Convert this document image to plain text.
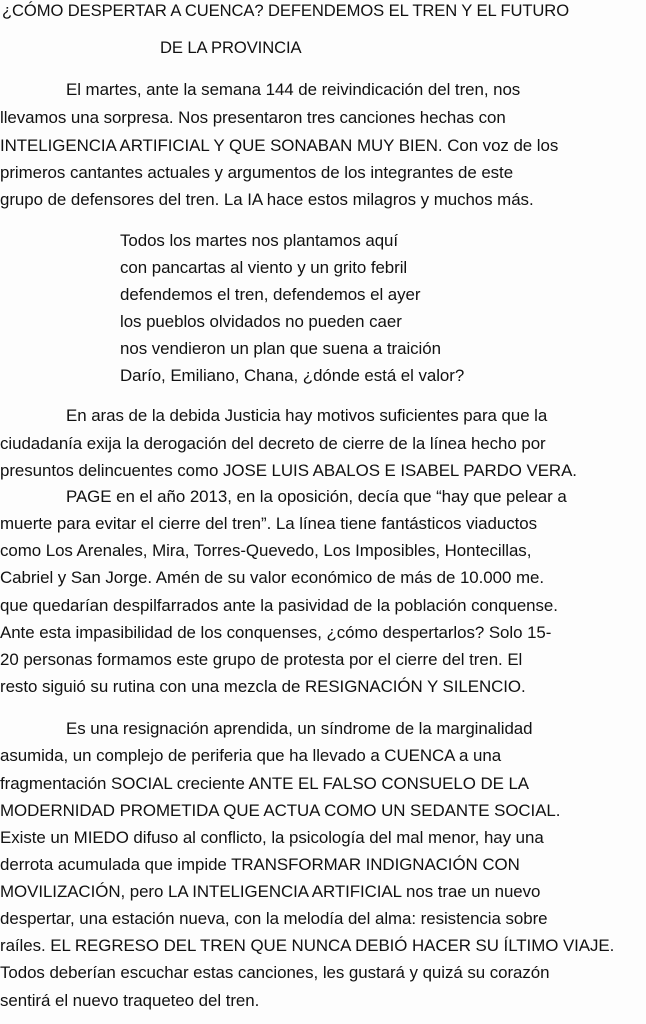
¿CÓMO DESPERTAR A CUENCA? DEFENDEMOS EL TREN Y EL FUTURO
DE LA PROVINCIA
El martes, ante la semana 144 de reivindicación del tren, nos
llevamos una sorpresa. Nos presentaron tres canciones hechas con
INTELIGENCIA ARTIFICIAL Y QUE SONABAN MUY BIEN. Con voz de los
primeros cantantes actuales y argumentos de los integrantes de este
grupo de defensores del tren. La IA hace estos milagros y muchos más.
Todos los martes nos plantamos aquí
con pancartas al viento y un grito febril
defendemos el tren, defendemos el ayer
los pueblos olvidados no pueden caer
nos vendieron un plan que suena a traición
Darío, Emiliano, Chana, ¿dónde está el valor?
En aras de la debida Justicia hay motivos suficientes para que la
ciudadanía exija la derogación del decreto de cierre de la línea hecho por
presuntos delincuentes como JOSE LUIS ABALOS E ISABEL PARDO VERA.
PAGE en el año 2013, en la oposición, decía que “hay que pelear a
muerte para evitar el cierre del tren”. La línea tiene fantásticos viaductos
como Los Arenales, Mira, Torres-Quevedo, Los Imposibles, Hontecillas,
Cabriel y San Jorge. Amén de su valor económico de más de 10.000 me.
que quedarían despilfarrados ante la pasividad de la población conquense.
Ante esta impasibilidad de los conquenses, ¿cómo despertarlos? Solo 15-
20 personas formamos este grupo de protesta por el cierre del tren. El
resto siguió su rutina con una mezcla de RESIGNACIÓN Y SILENCIO.
Es una resignación aprendida, un síndrome de la marginalidad
asumida, un complejo de periferia que ha llevado a CUENCA a una
fragmentación SOCIAL creciente ANTE EL FALSO CONSUELO DE LA
MODERNIDAD PROMETIDA QUE ACTUA COMO UN SEDANTE SOCIAL.
Existe un MIEDO difuso al conflicto, la psicología del mal menor, hay una
derrota acumulada que impide TRANSFORMAR INDIGNACIÓN CON
MOVILIZACIÓN, pero LA INTELIGENCIA ARTIFICIAL nos trae un nuevo
despertar, una estación nueva, con la melodía del alma: resistencia sobre
raíles. EL REGRESO DEL TREN QUE NUNCA DEBIÓ HACER SU ÍLTIMO VIAJE.
Todos deberían escuchar estas canciones, les gustará y quizá su corazón
sentirá el nuevo traqueteo del tren.
